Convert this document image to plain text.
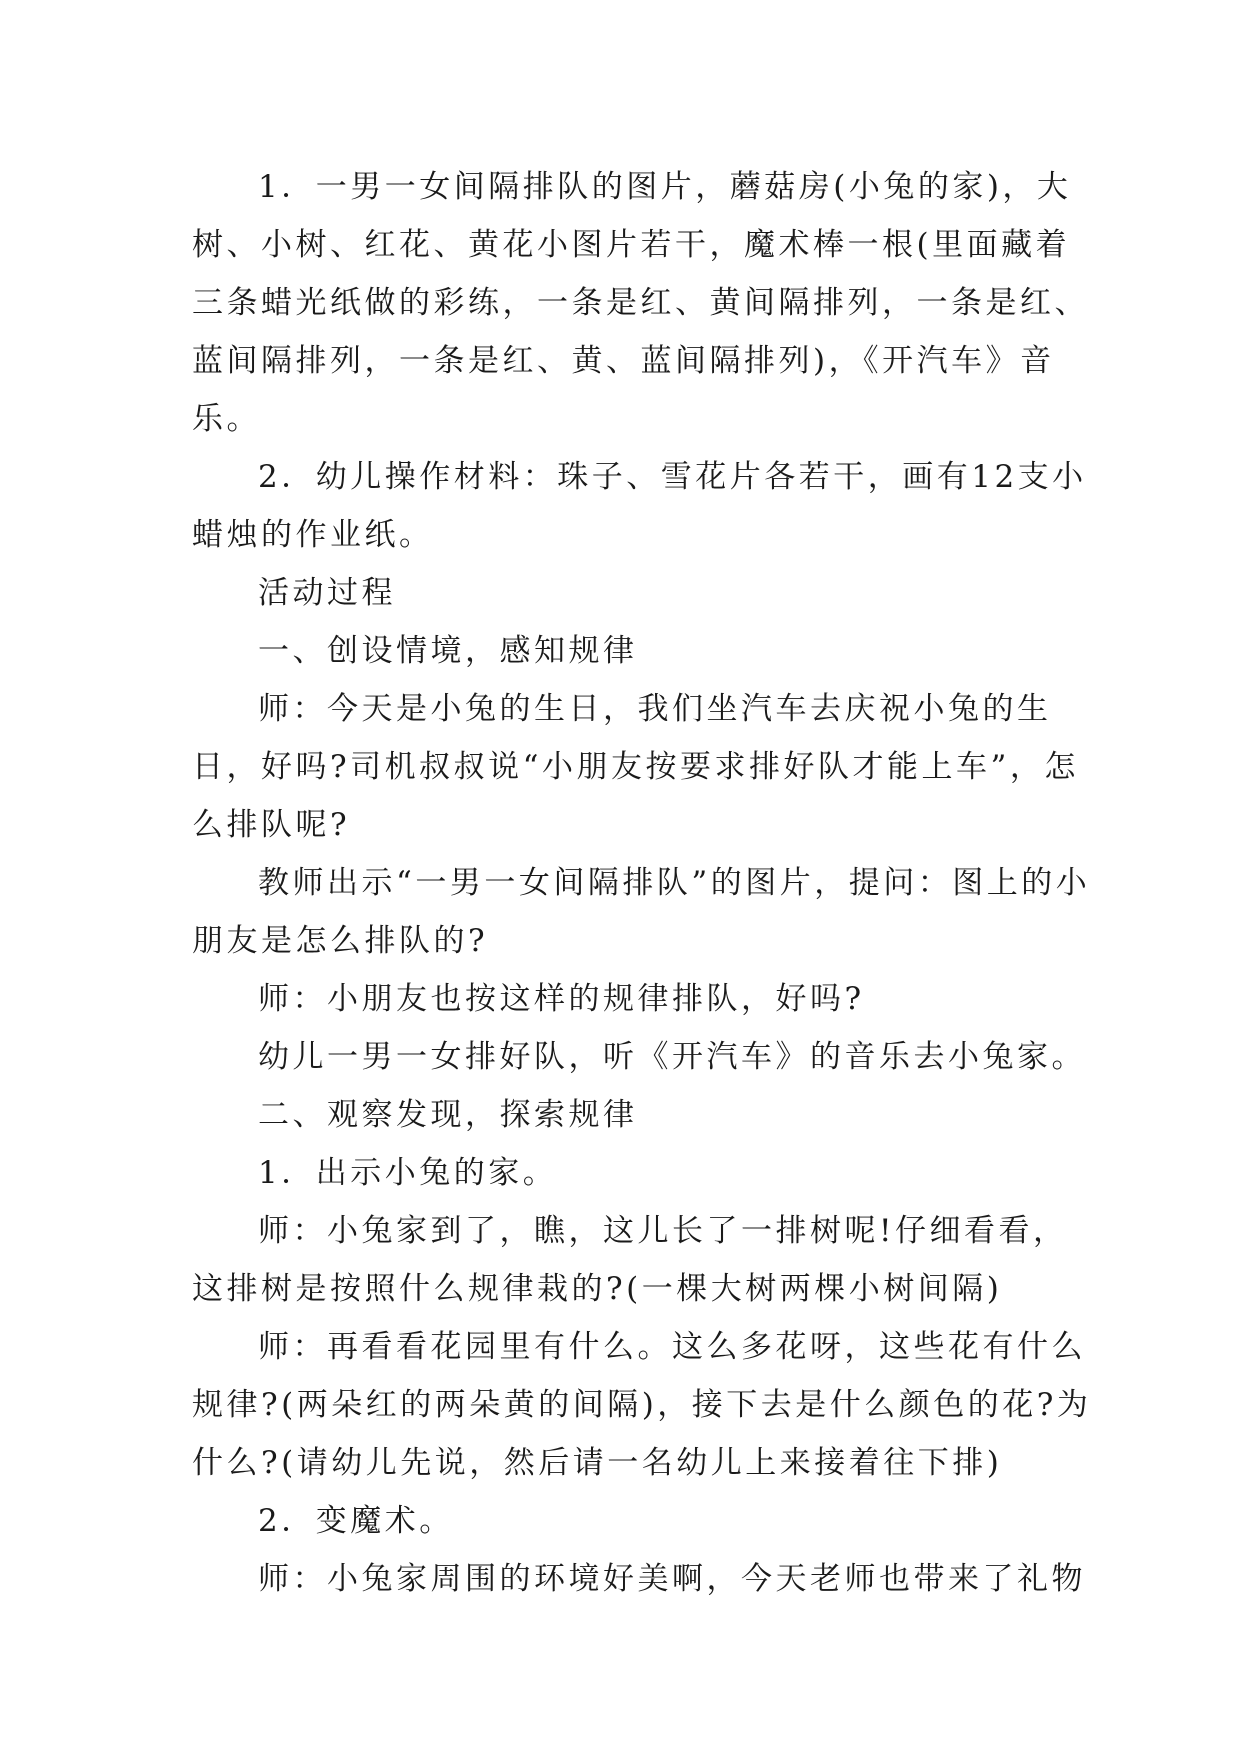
1．一男一女间隔排队的图片，蘑菇房(小兔的家)，大树、小树、红花、黄花小图片若干，魔术棒一根(里面藏着三条蜡光纸做的彩练，一条是红、黄间隔排列，一条是红、蓝间隔排列，一条是红、黄、蓝间隔排列)，《开汽车》音乐。

2．幼儿操作材料：珠子、雪花片各若干，画有12支小蜡烛的作业纸。

活动过程

一、创设情境，感知规律

师：今天是小兔的生日，我们坐汽车去庆祝小兔的生日，好吗?司机叔叔说“小朋友按要求排好队才能上车”，怎么排队呢?

教师出示“一男一女间隔排队”的图片，提问：图上的小朋友是怎么排队的?

师：小朋友也按这样的规律排队，好吗?

幼儿一男一女排好队，听《开汽车》的音乐去小兔家。

二、观察发现，探索规律

1．出示小兔的家。

师：小兔家到了，瞧，这儿长了一排树呢!仔细看看，这排树是按照什么规律栽的?(一棵大树两棵小树间隔)

师：再看看花园里有什么。这么多花呀，这些花有什么规律?(两朵红的两朵黄的间隔)，接下去是什么颜色的花?为什么?(请幼儿先说，然后请一名幼儿上来接着往下排)

2．变魔术。

师：小兔家周围的环境好美啊，今天老师也带来了礼物
